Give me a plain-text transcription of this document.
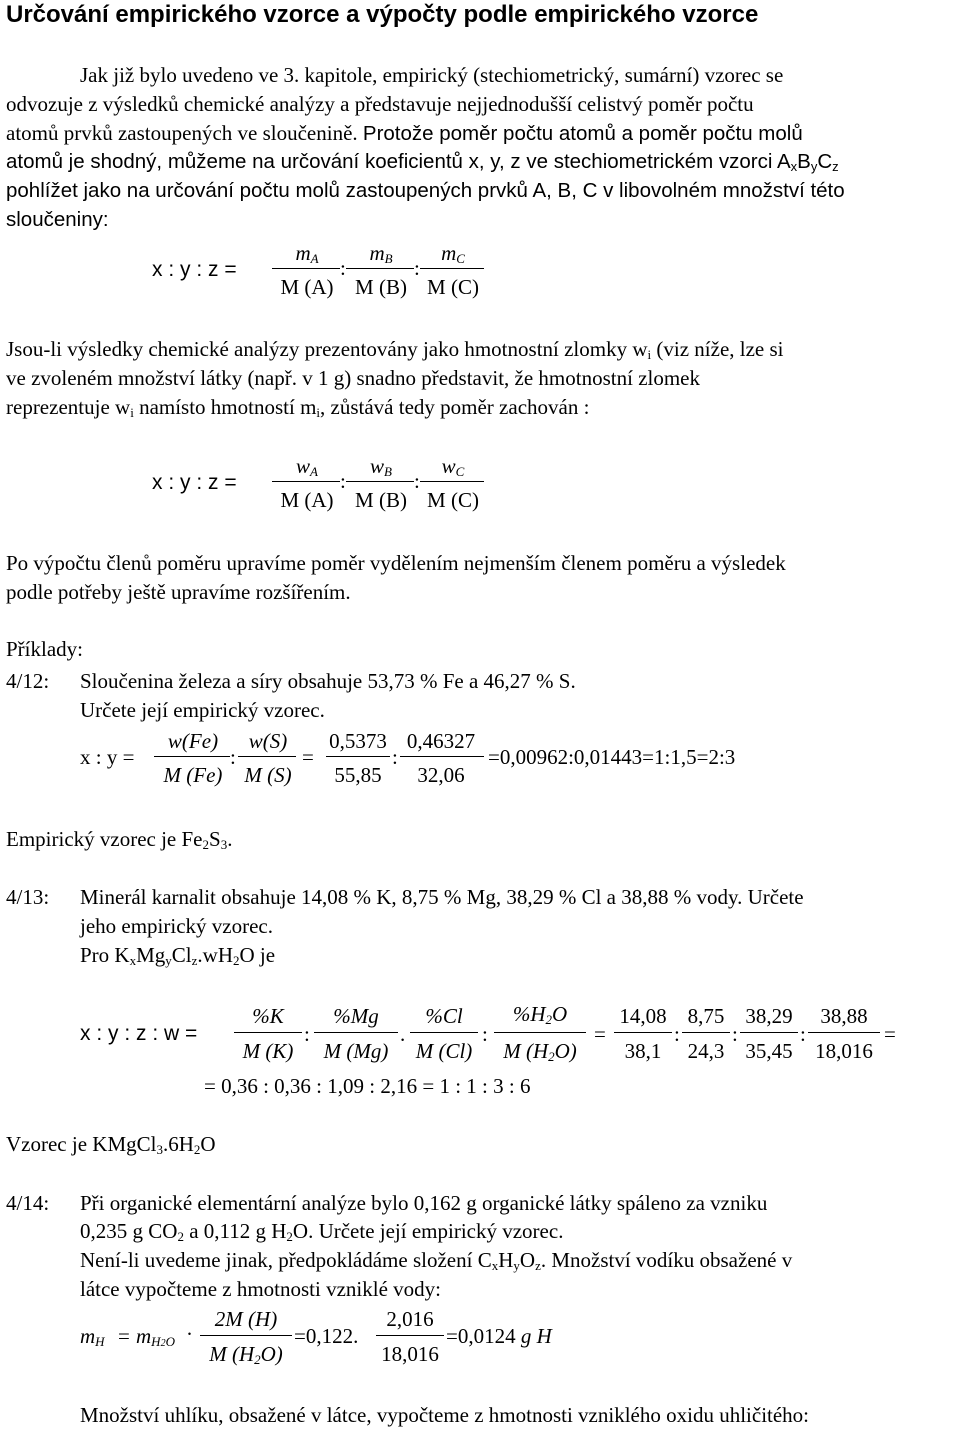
Určování empirického vzorce a výpočty podle empirického vzorce
Jak již bylo uvedeno ve 3. kapitole, empirický (stechiometrický, sumární) vzorec se
odvozuje z výsledků chemické analýzy a představuje nejjednodušší celistvý poměr počtu
atomů prvků zastoupených ve sloučenině. Protože poměr počtu atomů a poměr počtu molů
atomů je shodný, můžeme na určování koeficientů x, y, z ve stechiometrickém vzorci $A_xB_yC_z$
pohlížet jako na určování počtu molů zastoupených prvků A, B, C v libovolném množství této
sloučeniny:
x : y : z =
$m_A$
M (A)
:
$m_B$
M (B)
:
$m_C$
M (C)
Jsou-li výsledky chemické analýzy prezentovány jako hmotnostní zlomky $w_i$ (viz níže, lze si
ve zvoleném množství látky (např. v 1 g) snadno představit, že hmotnostní zlomek
reprezentuje $w_i$ namísto hmotností $m_i$, zůstává tedy poměr zachován :
x : y : z =
$w_A$
M (A)
:
$w_B$
M (B)
:
$w_C$
M (C)
Po výpočtu členů poměru upravíme poměr vydělením nejmenším členem poměru a výsledek
podle potřeby ještě upravíme rozšířením.
Příklady:
4/12: Sloučenina železa a síry obsahuje 53,73 % Fe a 46,27 % S.
Určete její empirický vzorec.
x : y =
w(Fe)
M (Fe)
:
w(S)
M (S)
=
0,5373
55,85
:
0,46327
32,06
=0,00962:0,01443=1:1,5=2:3
Empirický vzorec je $Fe_2S_3$.
4/13: Minerál karnalit obsahuje 14,08 % K, 8,75 % Mg, 38,29 % Cl a 38,88 % vody. Určete
jeho empirický vzorec.
Pro $K_xMg_yCl_z.wH_2O$ je
x : y : z : w =
%K
M (K)
:
%Mg
M (Mg)
.
%Cl
M (Cl)
:
$\%H_2O$
M $(H_2O)$
=
14,08
38,1
:
8,75
24,3
:
38,29
35,45
:
38,88
18,016
=
= 0,36 : 0,36 : 1,09 : 2,16 = 1 : 1 : 3 : 6
Vzorec je $KMgCl_3.6H_2O$
4/14: Při organické elementární analýze bylo 0,162 g organické látky spáleno za vzniku
0,235 g $CO_2$ a 0,112 g $H_2O$. Určete její empirický vzorec.
Není-li uvedeme jinak, předpokládáme složení $C_xH_yO_z$. Množství vodíku obsažené v
látce vypočteme z hmotnosti vzniklé vody:
$m_H = m_{H2O}$ ·
2M (H)
M $(H_2O)$
=0,122.
2,016
18,016
=0,0124 g H
Množství uhlíku, obsažené v látce, vypočteme z hmotnosti vzniklého oxidu uhličitého:
